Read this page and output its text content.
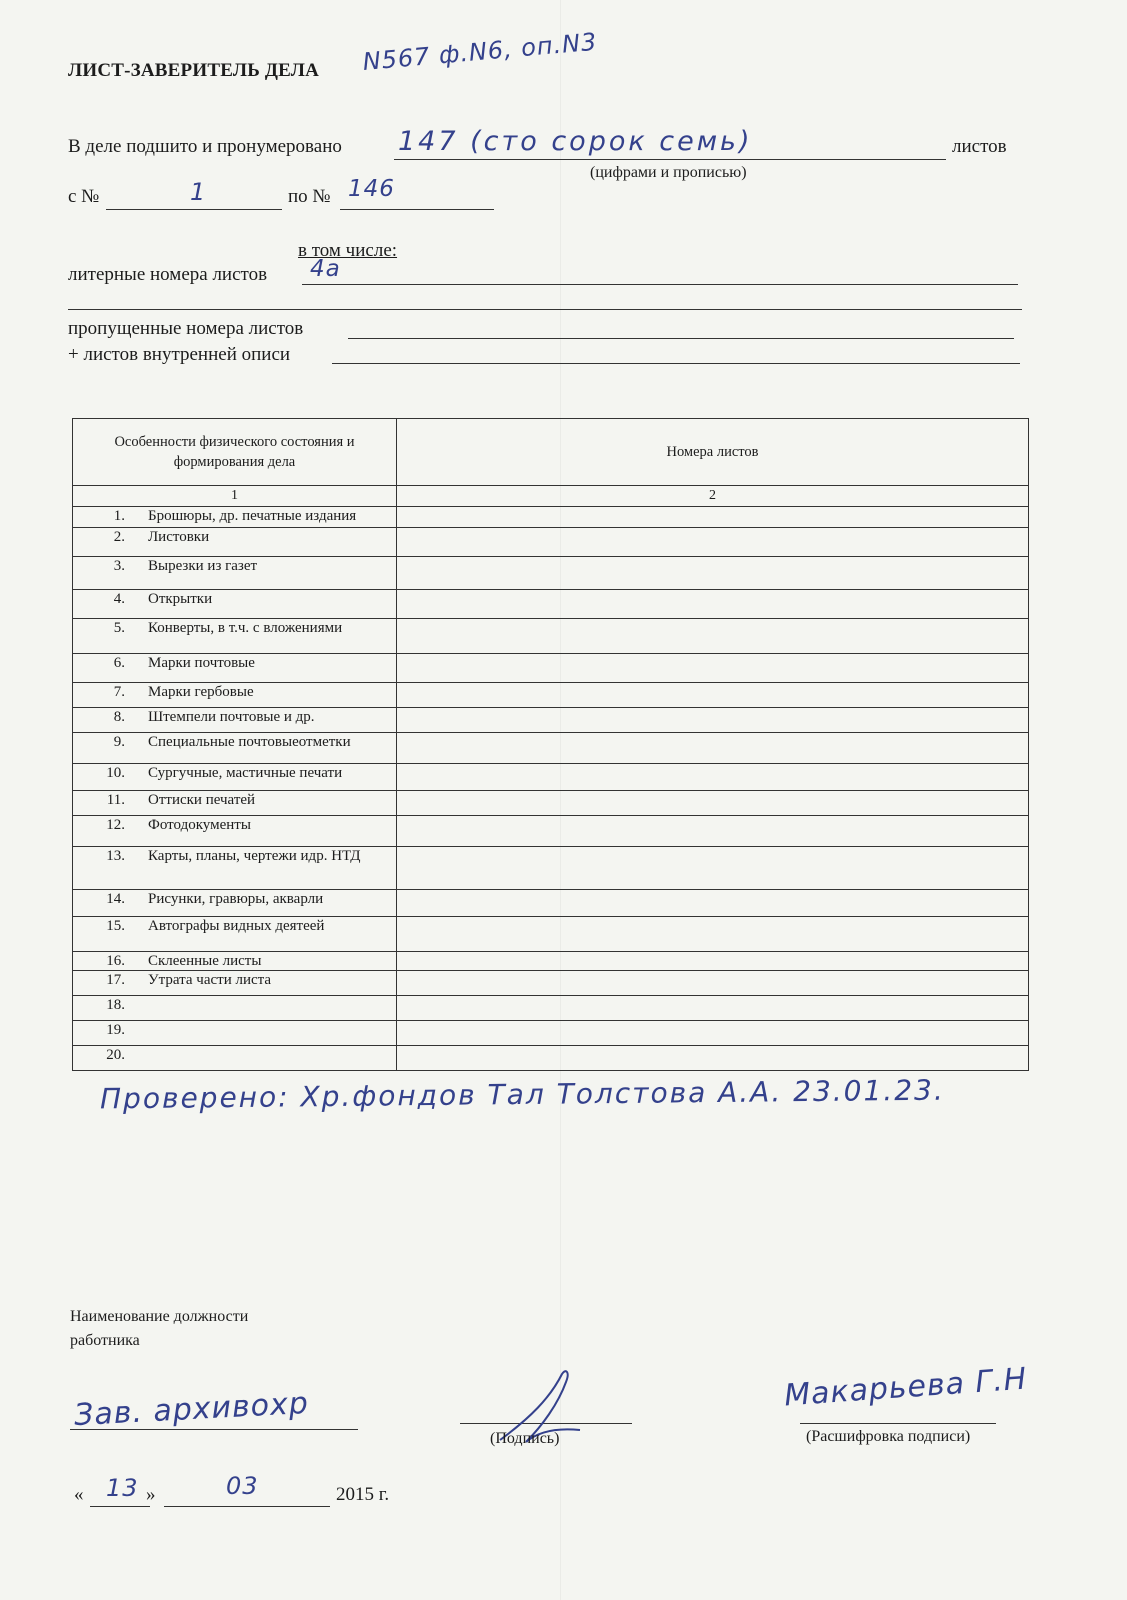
ЛИСТ-ЗАВЕРИТЕЛЬ ДЕЛА N567 ф.N6, оп.N3
В деле подшито и пронумеровано 147 (сто сорок семь)	листов
(цифрами и прописью)
с №	1	по № 146
в том числе:
литерные номера листов 4а
пропущенные номера листов
+ листов внутренней описи
Особенности физического состояния и формирования дела	Номера листов
1	2

1. Брошюры, др. печатные издания	

2. Листовки	

3. Вырезки из газет	

4. Открытки	

5. Конверты, в т.ч. с вложениями	

6. Марки почтовые	

7. Марки гербовые	

8. Штемпели почтовые и др.	

9. Специальные почтовыеотметки	

10. Сургучные, мастичные печати	

11. Оттиски печатей	

12. Фотодокументы	

13. Карты, планы, чертежи идр. НТД	

14. Рисунки, гравюры, акварли	

15. Автографы видных деятеей	

16. Склеенные листы	

17. Утрата части листа	

18.	

19.	

20.	

Проверено: Хр.фондов Тал Толстова А.А. 23.01.23.
Наименование должности
работника
Зав. архивохр
(Подпись)
Макарьева Г.Н
(Расшифровка подписи)
« 13 »	03	2015 г.
